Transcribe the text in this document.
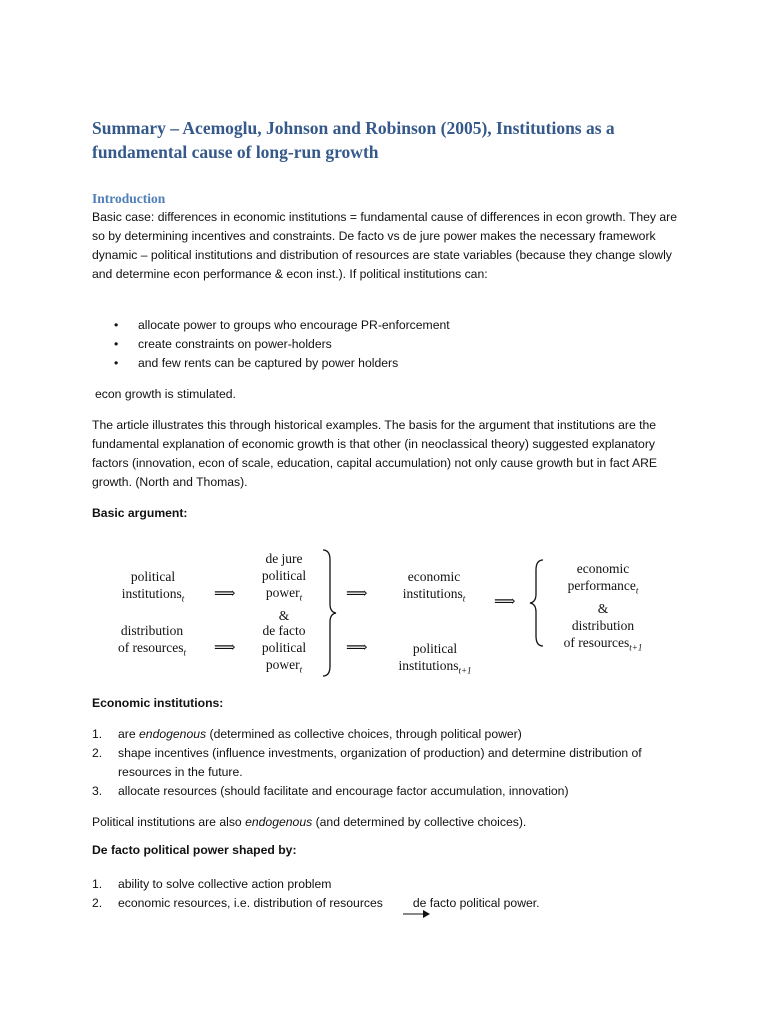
Summary – Acemoglu, Johnson and Robinson (2005), Institutions as a fundamental cause of long-run growth
Introduction

Basic case: differences in economic institutions = fundamental cause of differences in econ growth. They are so by determining incentives and constraints. De facto vs de jure power makes the necessary framework dynamic – political institutions and distribution of resources are state variables (because they change slowly and determine econ performance & econ inst.). If political institutions can:

• allocate power to groups who encourage PR-enforcement
• create constraints on power-holders
• and few rents can be captured by power holders

econ growth is stimulated.

The article illustrates this through historical examples. The basis for the argument that institutions are the fundamental explanation of economic growth is that other (in neoclassical theory) suggested explanatory factors (innovation, econ of scale, education, capital accumulation) not only cause growth but in fact ARE growth. (North and Thomas).

Basic argument:

political
institutions$_t$
distribution
of resources$_t$
⟹
⟹
de jure
political
power$_t$
&
de facto
political
power$_t$
⟹
⟹
economic
institutions$_t$
political
institutions$_{t+1}$
⟹
economic
performance$_t$
&
distribution
of resources$_{t+1}$

Economic institutions:

1. are endogenous (determined as collective choices, through political power)
2. shape incentives (influence investments, organization of production) and determine distribution of resources in the future.
3. allocate resources (should facilitate and encourage factor accumulation, innovation)

Political institutions are also endogenous (and determined by collective choices).

De facto political power shaped by:

1. ability to solve collective action problem
2. economic resources, i.e. distribution of resources de facto political power.
